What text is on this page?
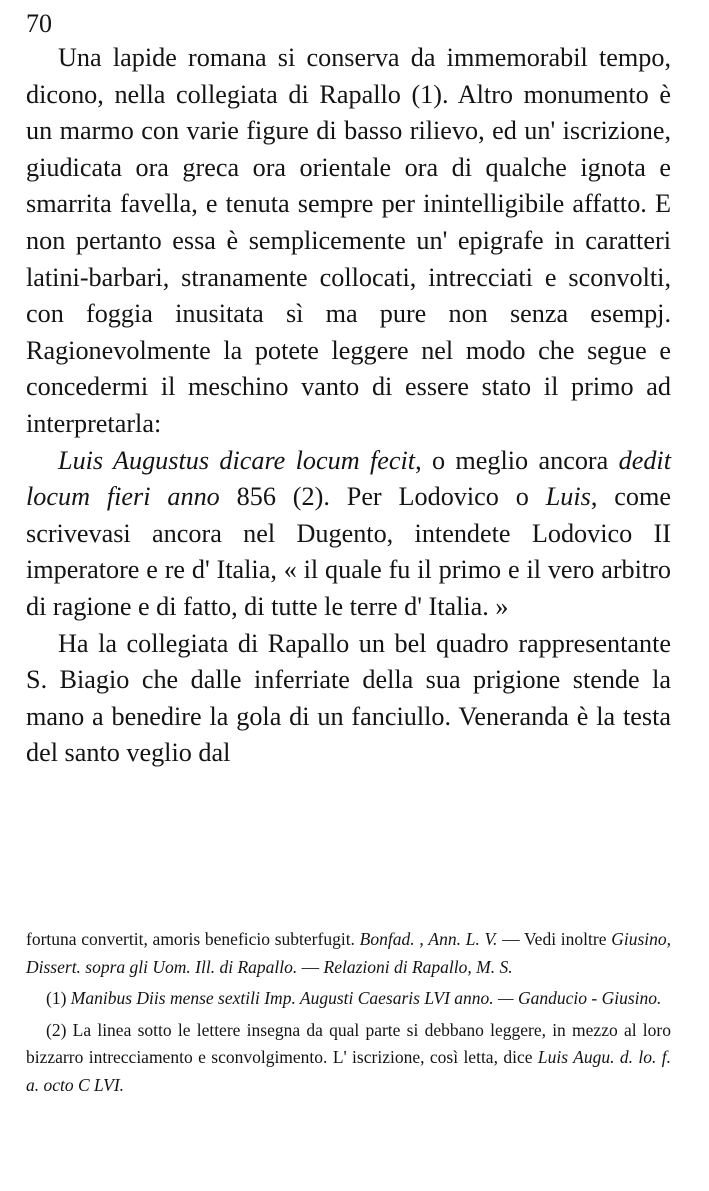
70

Una lapide romana si conserva da immemorabil tempo, dicono, nella collegiata di Rapallo (1). Altro monumento è un marmo con varie figure di basso rilievo, ed un' iscrizione, giudicata ora greca ora orientale ora di qualche ignota e smarrita favella, e tenuta sempre per inintelligibile affatto. E non pertanto essa è semplicemente un' epigrafe in caratteri latini-barbari, stranamente collocati, intrecciati e sconvolti, con foggia inusitata sì ma pure non senza esempj. Ragionevolmente la potete leggere nel modo che segue e concedermi il meschino vanto di essere stato il primo ad interpretarla:

Luis Augustus dicare locum fecit, o meglio ancora dedit locum fieri anno 856 (2). Per Lodovico o Luis, come scrivevasi ancora nel Dugento, intendete Lodovico II imperatore e re d' Italia, « il quale fu il primo e il vero arbitro di ragione e di fatto, di tutte le terre d' Italia. »

Ha la collegiata di Rapallo un bel quadro rappresentante S. Biagio che dalle inferriate della sua prigione stende la mano a benedire la gola di un fanciullo. Veneranda è la testa del santo veglio dal

fortuna convertit, amoris beneficio subterfugit. Bonfad. , Ann. L. V. — Vedi inoltre Giusino, Dissert. sopra gli Uom. Ill. di Rapallo. — Relazioni di Rapallo, M. S.

(1) Manibus Diis mense sextili Imp. Augusti Caesaris LVI anno. — Ganducio - Giusino.

(2) La linea sotto le lettere insegna da qual parte si debbano leggere, in mezzo al loro bizzarro intrecciamento e sconvolgimento. L' iscrizione, così letta, dice Luis Augu. d. lo. f. a. octo C LVI.
